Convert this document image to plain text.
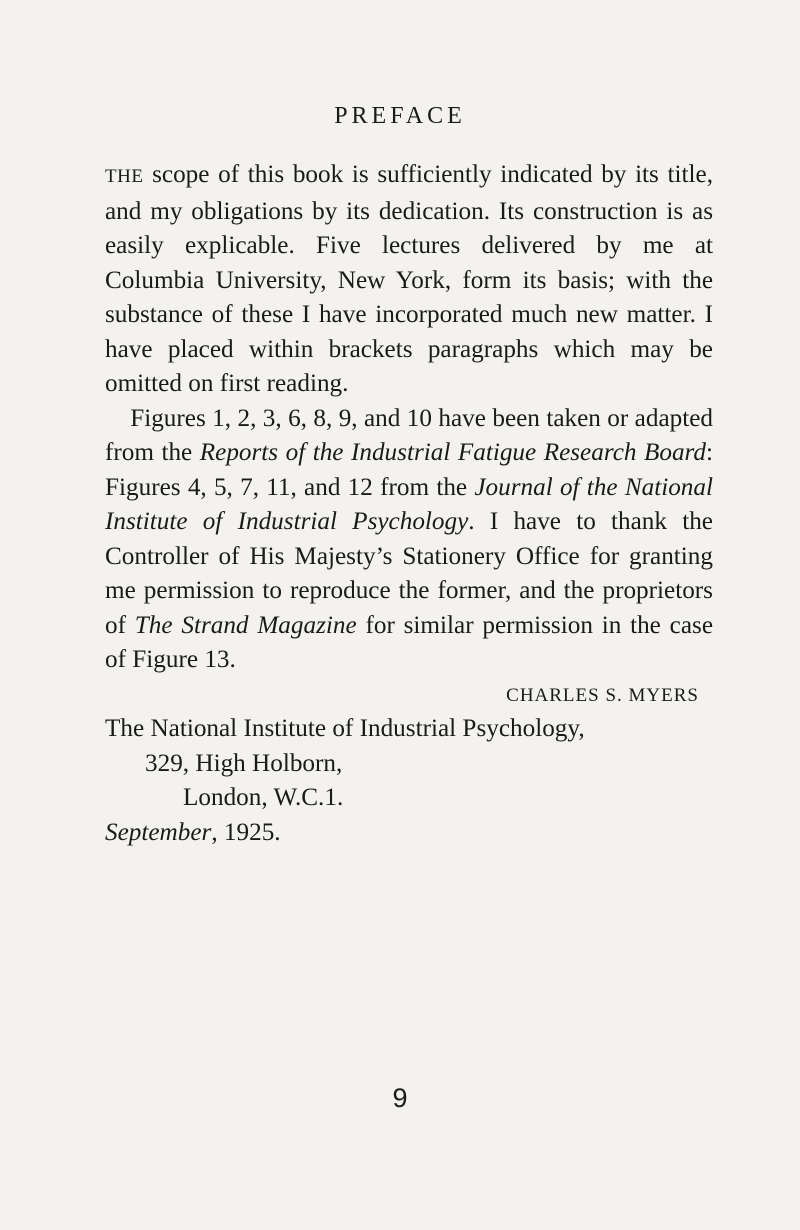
PREFACE

THE scope of this book is sufficiently indicated by its title, and my obligations by its dedication. Its construction is as easily explicable. Five lectures delivered by me at Columbia University, New York, form its basis; with the substance of these I have incorporated much new matter. I have placed within brackets paragraphs which may be omitted on first reading.

 Figures 1, 2, 3, 6, 8, 9, and 10 have been taken or adapted from the Reports of the Industrial Fatigue Research Board: Figures 4, 5, 7, 11, and 12 from the Journal of the National Institute of Industrial Psychology. I have to thank the Controller of His Majesty’s Stationery Office for granting me permission to reproduce the former, and the proprietors of The Strand Magazine for similar permission in the case of Figure 13.

CHARLES S. MYERS
The National Institute of Industrial Psychology,
329, High Holborn,
London, W.C.1.
September, 1925.
9
